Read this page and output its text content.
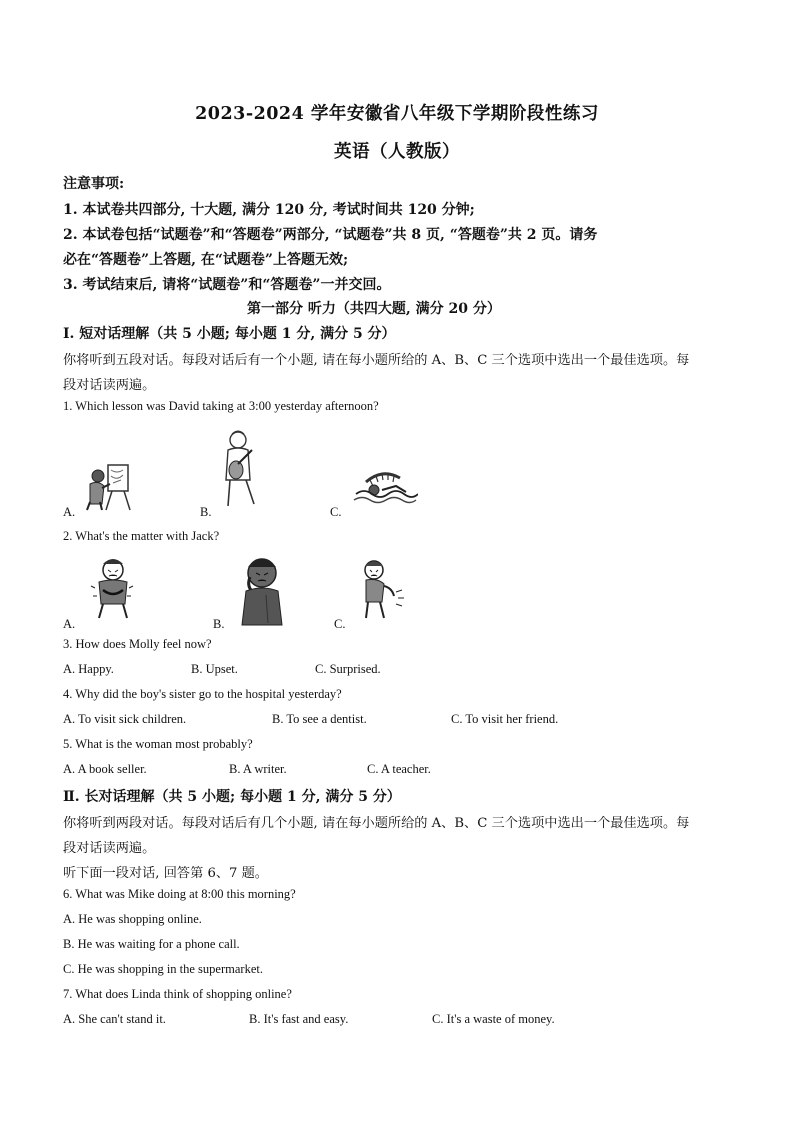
2023-2024 学年安徽省八年级下学期阶段性练习
英语（人教版）
注意事项:
1. 本试卷共四部分, 十大题, 满分 120 分, 考试时间共 120 分钟;
2. 本试卷包括“试题卷”和“答题卷”两部分, “试题卷”共 8 页, “答题卷”共 2 页。请务
必在“答题卷”上答题, 在“试题卷”上答题无效;
3. 考试结束后, 请将“试题卷”和“答题卷”一并交回。
第一部分 听力（共四大题, 满分 20 分）
I. 短对话理解（共 5 小题; 每小题 1 分, 满分 5 分）
你将听到五段对话。每段对话后有一个小题, 请在每小题所给的 A、B、C 三个选项中选出一个最佳选项。每
段对话读两遍。
1. Which lesson was David taking at 3:00 yesterday afternoon?
A.	B.	C.
2. What's the matter with Jack?
A.	B.	C.
3. How does Molly feel now?
A. Happy.	B. Upset.	C. Surprised.
4. Why did the boy's sister go to the hospital yesterday?
A. To visit sick children.	B. To see a dentist.	C. To visit her friend.
5. What is the woman most probably?
A. A book seller.	B. A writer.	C. A teacher.
Ⅱ. 长对话理解（共 5 小题; 每小题 1 分, 满分 5 分）
你将听到两段对话。每段对话后有几个小题, 请在每小题所给的 A、B、C 三个选项中选出一个最佳选项。每
段对话读两遍。
听下面一段对话, 回答第 6、7 题。
6. What was Mike doing at 8:00 this morning?
A. He was shopping online.
B. He was waiting for a phone call.
C. He was shopping in the supermarket.
7. What does Linda think of shopping online?
A. She can't stand it.	B. It's fast and easy.	C. It's a waste of money.
